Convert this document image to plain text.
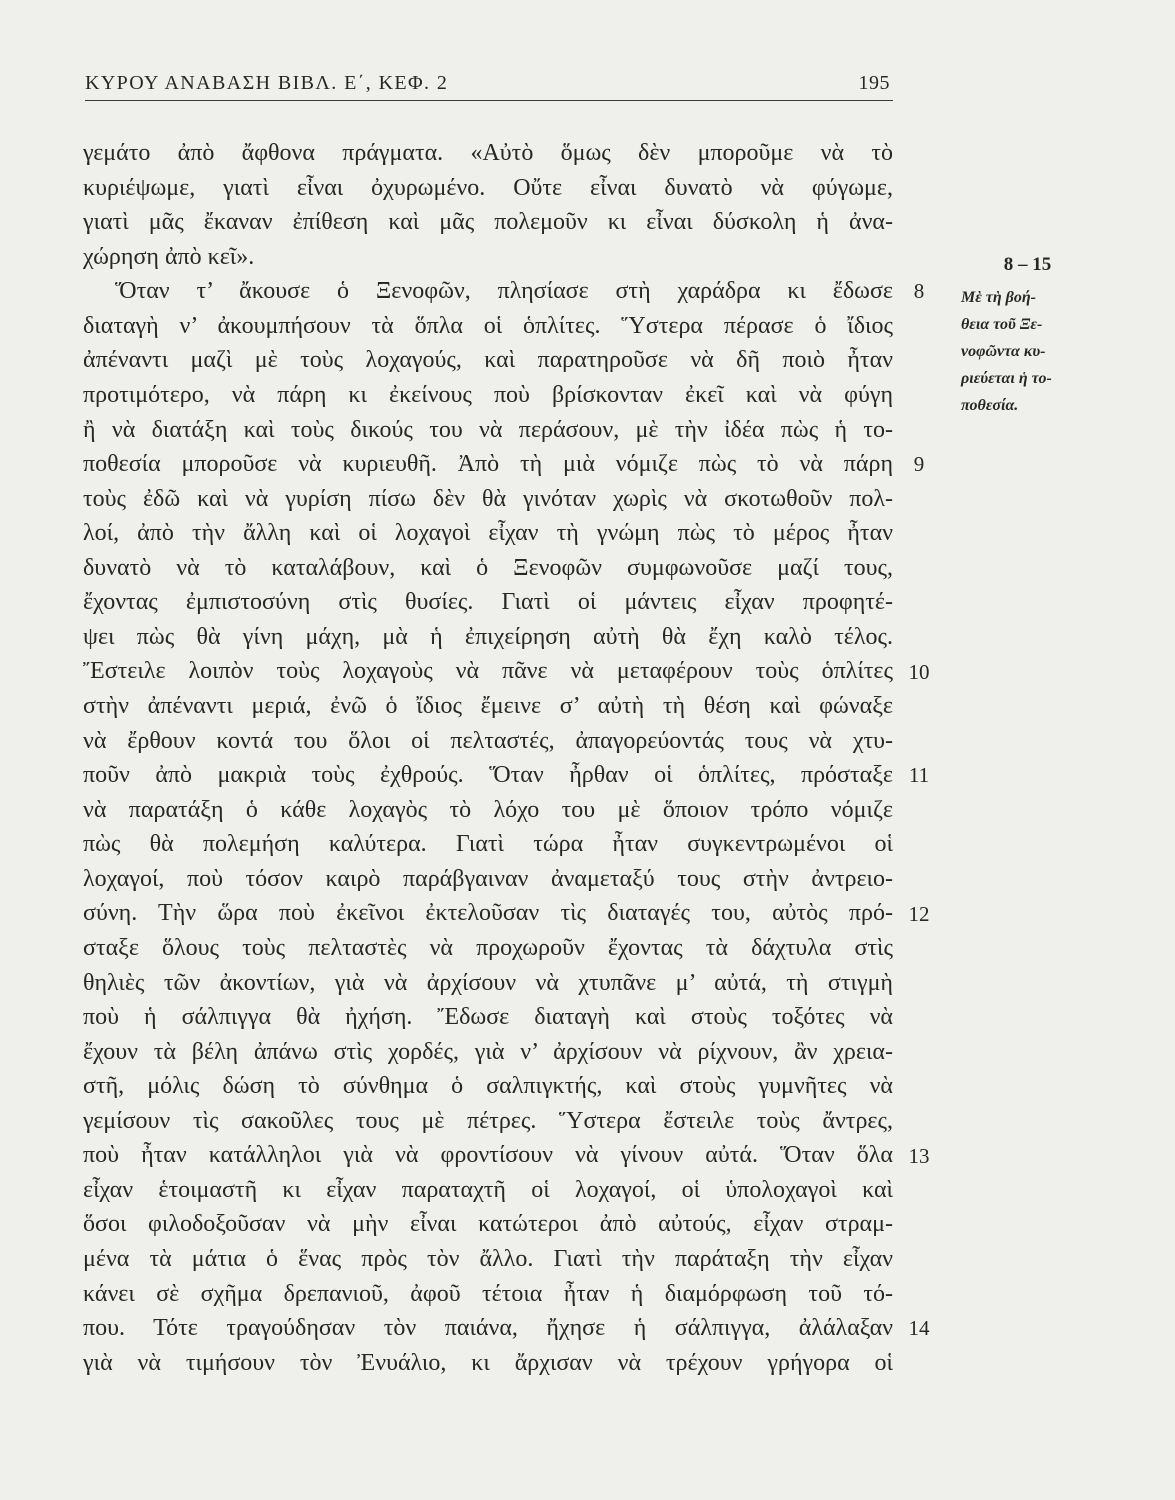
ΚΥΡΟΥ ΑΝΑΒΑΣΗ ΒΙΒΛ. Ε΄, ΚΕΦ. 2	195
γεμάτο ἀπὸ ἄφθονα πράγματα. «Αὐτὸ ὅμως δὲν μποροῦμε νὰ τὸ
κυριέψωμε, γιατὶ εἶναι ὀχυρωμένο. Οὔτε εἶναι δυνατὸ νὰ φύγωμε,
γιατὶ μᾶς ἔκαναν ἐπίθεση καὶ μᾶς πολεμοῦν κι εἶναι δύσκολη ἡ ἀνα-
χώρηση ἀπὸ κεῖ».
Ὅταν τ’ ἄκουσε ὁ Ξενοφῶν, πλησίασε στὴ χαράδρα κι ἔδωσε
διαταγὴ ν’ ἀκουμπήσουν τὰ ὅπλα οἱ ὁπλίτες. Ὕστερα πέρασε ὁ ἴδιος
ἀπέναντι μαζὶ μὲ τοὺς λοχαγούς, καὶ παρατηροῦσε νὰ δῆ ποιὸ ἦταν
προτιμότερο, νὰ πάρη κι ἐκείνους ποὺ βρίσκονταν ἐκεῖ καὶ νὰ φύγη
ἢ νὰ διατάξη καὶ τοὺς δικούς του νὰ περάσουν, μὲ τὴν ἰδέα πὼς ἡ το-
ποθεσία μποροῦσε νὰ κυριευθῆ. Ἀπὸ τὴ μιὰ νόμιζε πὼς τὸ νὰ πάρη
τοὺς ἐδῶ καὶ νὰ γυρίση πίσω δὲν θὰ γινόταν χωρὶς νὰ σκοτωθοῦν πολ-
λοί, ἀπὸ τὴν ἄλλη καὶ οἱ λοχαγοὶ εἶχαν τὴ γνώμη πὼς τὸ μέρος ἦταν
δυνατὸ νὰ τὸ καταλάβουν, καὶ ὁ Ξενοφῶν συμφωνοῦσε μαζί τους,
ἔχοντας ἐμπιστοσύνη στὶς θυσίες. Γιατὶ οἱ μάντεις εἶχαν προφητέ-
ψει πὼς θὰ γίνη μάχη, μὰ ἡ ἐπιχείρηση αὐτὴ θὰ ἔχη καλὸ τέλος.
Ἔστειλε λοιπὸν τοὺς λοχαγοὺς νὰ πᾶνε νὰ μεταφέρουν τοὺς ὁπλίτες
στὴν ἀπέναντι μεριά, ἐνῶ ὁ ἴδιος ἔμεινε σ’ αὐτὴ τὴ θέση καὶ φώναξε
νὰ ἔρθουν κοντά του ὅλοι οἱ πελταστές, ἀπαγορεύοντάς τους νὰ χτυ-
ποῦν ἀπὸ μακριὰ τοὺς ἐχθρούς. Ὅταν ἦρθαν οἱ ὁπλίτες, πρόσταξε
νὰ παρατάξη ὁ κάθε λοχαγὸς τὸ λόχο του μὲ ὅποιον τρόπο νόμιζε
πὼς θὰ πολεμήση καλύτερα. Γιατὶ τώρα ἦταν συγκεντρωμένοι οἱ
λοχαγοί, ποὺ τόσον καιρὸ παράβγαιναν ἀναμεταξύ τους στὴν ἀντρειο-
σύνη. Τὴν ὥρα ποὺ ἐκεῖνοι ἐκτελοῦσαν τὶς διαταγές του, αὐτὸς πρό-
σταξε ὅλους τοὺς πελταστὲς νὰ προχωροῦν ἔχοντας τὰ δάχτυλα στὶς
θηλιὲς τῶν ἀκοντίων, γιὰ νὰ ἀρχίσουν νὰ χτυπᾶνε μ’ αὐτά, τὴ στιγμὴ
ποὺ ἡ σάλπιγγα θὰ ἠχήση. Ἔδωσε διαταγὴ καὶ στοὺς τοξότες νὰ
ἔχουν τὰ βέλη ἀπάνω στὶς χορδές, γιὰ ν’ ἀρχίσουν νὰ ρίχνουν, ἂν χρεια-
στῆ, μόλις δώση τὸ σύνθημα ὁ σαλπιγκτής, καὶ στοὺς γυμνῆτες νὰ
γεμίσουν τὶς σακοῦλες τους μὲ πέτρες. Ὕστερα ἔστειλε τοὺς ἄντρες,
ποὺ ἦταν κατάλληλοι γιὰ νὰ φροντίσουν νὰ γίνουν αὐτά. Ὅταν ὅλα
εἶχαν ἑτοιμαστῆ κι εἶχαν παραταχτῆ οἱ λοχαγοί, οἱ ὑπολοχαγοὶ καὶ
ὅσοι φιλοδοξοῦσαν νὰ μὴν εἶναι κατώτεροι ἀπὸ αὐτούς, εἶχαν στραμ-
μένα τὰ μάτια ὁ ἕνας πρὸς τὸν ἄλλο. Γιατὶ τὴν παράταξη τὴν εἶχαν
κάνει σὲ σχῆμα δρεπανιοῦ, ἀφοῦ τέτοια ἦταν ἡ διαμόρφωση τοῦ τό-
που. Τότε τραγούδησαν τὸν παιάνα, ἤχησε ἡ σάλπιγγα, ἀλάλαξαν
γιὰ νὰ τιμήσουν τὸν Ἐνυάλιο, κι ἄρχισαν νὰ τρέχουν γρήγορα οἱ
8
9
10
11
12
13
14
8 – 15
Μὲ τὴ βοή-
θεια τοῦ Ξε-
νοφῶντα κυ-
ριεύεται ἡ το-
ποθεσία.
